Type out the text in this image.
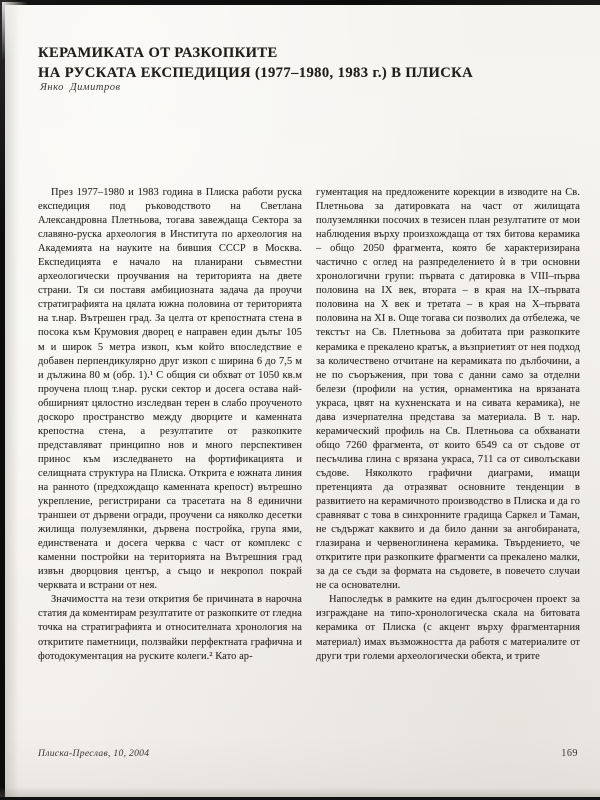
КЕРАМИКАТА ОТ РАЗКОПКИТЕ
НА РУСКАТА ЕКСПЕДИЦИЯ (1977–1980, 1983 г.) В ПЛИСКА
Янко Димитров

През 1977–1980 и 1983 година в Плиска работи руска експедиция под ръководството на Светлана Александровна Плетньова, тогава завеждаща Сектора за славяно-руска археология в Института по археология на Академията на науките на бившия СССР в Москва. Експедицията е начало на планирани съвместни археологически проучвания на територията на двете страни. Тя си поставя амбициозната задача да проучи стратиграфията на цялата южна половина от територията на т.нар. Вътрешен град. За целта от крепостната стена в посока към Крумовия дворец е направен един дълъг 105 м и широк 5 метра изкоп, към който впоследствие е добавен перпендикулярно друг изкоп с ширина 6 до 7,5 м и дължина 80 м (обр. 1).¹ С общия си обхват от 1050 кв.м проучена площ т.нар. руски сектор и досега остава най-обширният цялостно изследван терен в слабо проученото доскоро пространство между дворците и каменната крепостна стена, а резултатите от разкопките представляват принципно нов и много перспективен принос към изследването на фортификацията и селищната структура на Плиска. Открита е южната линия на ранното (предхождащо каменната крепост) вътрешно укрепление, регистрирани са трасетата на 8 единични траншеи от дървени огради, проучени са няколко десетки жилища полуземлянки, дървена постройка, група ями, единствената и досега черква с част от комплекс с каменни постройки на територията на Вътрешния град извън дворцовия център, а също и некропол покрай черквата и встрани от нея.

Значимостта на тези открития бе причината в нарочна статия да коментирам резултатите от разкопките от гледна точка на стратиграфията и относителната хронология на откритите паметници, ползвайки перфектната графична и фотодокументация на руските колеги.² Като ар-

гументация на предложените корекции в изводите на Св. Плетньова за датировката на част от жилищата полуземлянки посочих в тезисен план резултатите от мои наблюдения върху произхождаща от тях битова керамика – общо 2050 фрагмента, която бе характеризирана частично с оглед на разпределението ѝ в три основни хронологични групи: първата с датировка в VIII–първа половина на IX век, втората – в края на IX–първата половина на X век и третата – в края на X–първата половина на XI в. Още тогава си позволих да отбележа, че текстът на Св. Плетньова за добитата при разкопките керамика е прекалено кратък, а възприетият от нея подход за количествено отчитане на керамиката по дълбочини, а не по съоръжения, при това с данни само за отделни белези (профили на устия, орнаментика на врязаната украса, цвят на кухненската и на сивата керамика), не дава изчерпателна представа за материала. В т. нар. керамический профиль на Св. Плетньова са обхванати общо 7260 фрагмента, от които 6549 са от съдове от песъчлива глина с врязана украса, 711 са от сиволъскави съдове. Няколкото графични диаграми, имащи претенцията да отразяват основните тенденции в развитието на керамичното производство в Плиска и да го сравняват с това в синхронните градища Саркел и Таман, не съдържат каквито и да било данни за ангобираната, глазирана и червеноглинена керамика. Твърдението, че откритите при разкопките фрагменти са прекалено малки, за да се съди за формата на съдовете, в повечето случаи не са основателни.

Напоследък в рамките на един дългосрочен проект за изграждане на типо-хронологическа скала на битовата керамика от Плиска (с акцент върху фрагментарния материал) имах възможността да работя с материалите от други три големи археологически обекта, и трите

Плиска-Преслав, 10, 2004	169
